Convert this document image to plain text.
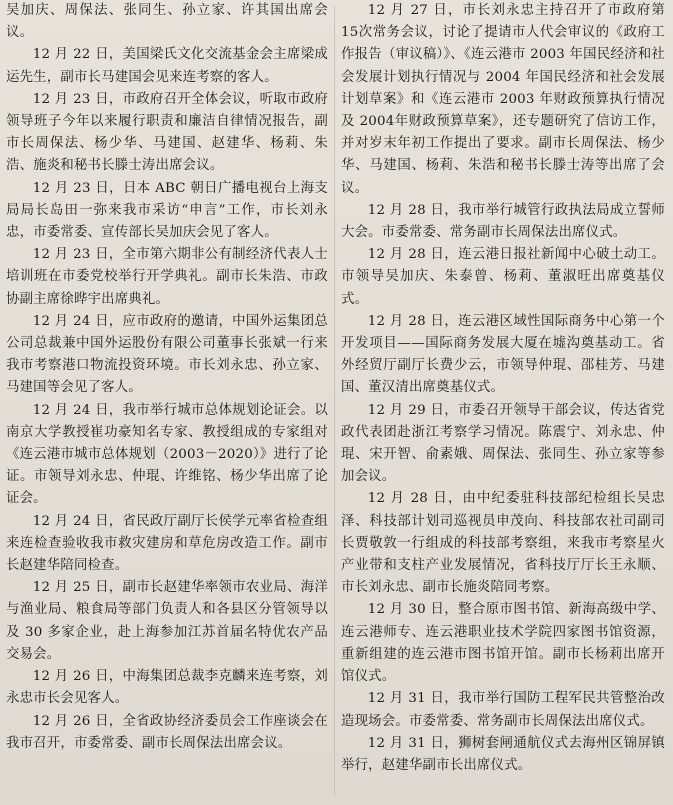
吴加庆、周保法、张同生、孙立家、许其国出席会议。

12 月 22 日，美国梁氏文化交流基金会主席梁成运先生，副市长马建国会见来连考察的客人。

12 月 23 日，市政府召开全体会议，听取市政府领导班子今年以来履行职责和廉洁自律情况报告，副市长周保法、杨少华、马建国、赵建华、杨莉、朱浩、施炎和秘书长滕士涛出席会议。

12 月 23 日，日本 ABC 朝日广播电视台上海支局局长岛田一弥来我市采访“申言”工作，市长刘永忠，市委常委、宣传部长吴加庆会见了客人。

12 月 23 日，全市第六期非公有制经济代表人士培训班在市委党校举行开学典礼。副市长朱浩、市政协副主席徐晔宇出席典礼。

12 月 24 日，应市政府的邀请，中国外运集团总公司总裁兼中国外运股份有限公司董事长张斌一行来我市考察港口物流投资环境。市长刘永忠、孙立家、马建国等会见了客人。

12 月 24 日，我市举行城市总体规划论证会。以南京大学教授崔功豪知名专家、教授组成的专家组对《连云港市城市总体规划（2003－2020）》进行了论证。市领导刘永忠、仲琨、许维铭、杨少华出席了论证会。

12 月 24 日，省民政厅副厅长侯学元率省检查组来连检查验收我市救灾建房和草危房改造工作。副市长赵建华陪同检查。

12 月 25 日，副市长赵建华率领市农业局、海洋与渔业局、粮食局等部门负责人和各县区分管领导以及 30 多家企业，赴上海参加江苏首届名特优农产品交易会。

12 月 26 日，中海集团总裁李克麟来连考察，刘永忠市长会见客人。

12 月 26 日，全省政协经济委员会工作座谈会在我市召开，市委常委、副市长周保法出席会议。

12 月 27 日，市长刘永忠主持召开了市政府第 15次常务会议，讨论了提请市人代会审议的《政府工作报告（审议稿）》、《连云港市 2003 年国民经济和社会发展计划执行情况与 2004 年国民经济和社会发展计划草案》和《连云港市 2003 年财政预算执行情况及 2004年财政预算草案》，还专题研究了信访工作，并对岁末年初工作提出了要求。副市长周保法、杨少华、马建国、杨莉、朱浩和秘书长滕士涛等出席了会议。

12 月 28 日，我市举行城管行政执法局成立誓师大会。市委常委、常务副市长周保法出席仪式。

12 月 28 日，连云港日报社新闻中心破土动工。市领导吴加庆、朱泰曾、杨莉、董淑旺出席奠基仪式。

12 月 28 日，连云港区域性国际商务中心第一个开发项目——国际商务发展大厦在墟沟奠基动工。省外经贸厅副厅长费少云，市领导仲琨、邵桂芳、马建国、董汉清出席奠基仪式。

12 月 29 日，市委召开领导干部会议，传达省党政代表团赴浙江考察学习情况。陈震宁、刘永忠、仲琨、宋开智、俞素娥、周保法、张同生、孙立家等参加会议。

12 月 28 日，由中纪委驻科技部纪检组长吴忠泽、科技部计划司巡视员申茂向、科技部农社司副司长贾敬敦一行组成的科技部考察组，来我市考察星火产业带和支柱产业发展情况，省科技厅厅长王永顺、市长刘永忠、副市长施炎陪同考察。

12 月 30 日，整合原市图书馆、新海高级中学、连云港师专、连云港职业技术学院四家图书馆资源，重新组建的连云港市图书馆开馆。副市长杨莉出席开馆仪式。

12 月 31 日，我市举行国防工程军民共管整治改造现场会。市委常委、常务副市长周保法出席仪式。

12 月 31 日，狮树套闸通航仪式去海州区锦屏镇举行，赵建华副市长出席仪式。
